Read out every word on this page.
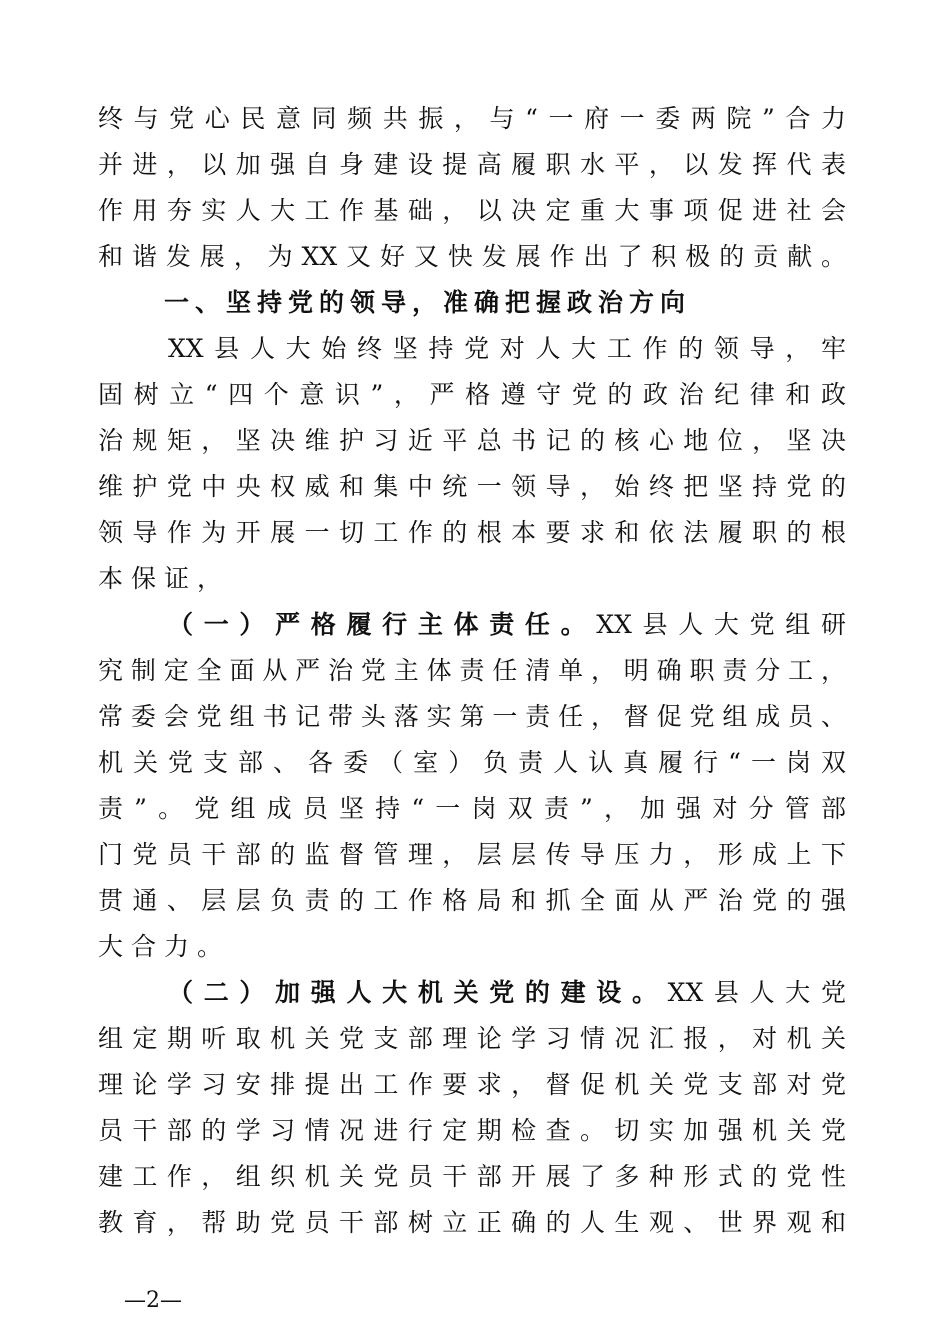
终与党心民意同频共振，与“一府一委两院”合力
并进，以加强自身建设提高履职水平，以发挥代表
作用夯实人大工作基础，以决定重大事项促进社会
和谐发展，为XX又好又快发展作出了积极的贡献。
一、坚持党的领导，准确把握政治方向
XX县人大始终坚持党对人大工作的领导，牢
固树立“四个意识”，严格遵守党的政治纪律和政
治规矩，坚决维护习近平总书记的核心地位，坚决
维护党中央权威和集中统一领导，始终把坚持党的
领导作为开展一切工作的根本要求和依法履职的根
本保证，
（一）严格履行主体责任。XX县人大党组研
究制定全面从严治党主体责任清单，明确职责分工，
常委会党组书记带头落实第一责任，督促党组成员、
机关党支部、各委（室）负责人认真履行“一岗双
责”。党组成员坚持“一岗双责”，加强对分管部
门党员干部的监督管理，层层传导压力，形成上下
贯通、层层负责的工作格局和抓全面从严治党的强
大合力。
（二）加强人大机关党的建设。XX县人大党
组定期听取机关党支部理论学习情况汇报，对机关
理论学习安排提出工作要求，督促机关党支部对党
员干部的学习情况进行定期检查。切实加强机关党
建工作，组织机关党员干部开展了多种形式的党性
教育，帮助党员干部树立正确的人生观、世界观和
—2—
